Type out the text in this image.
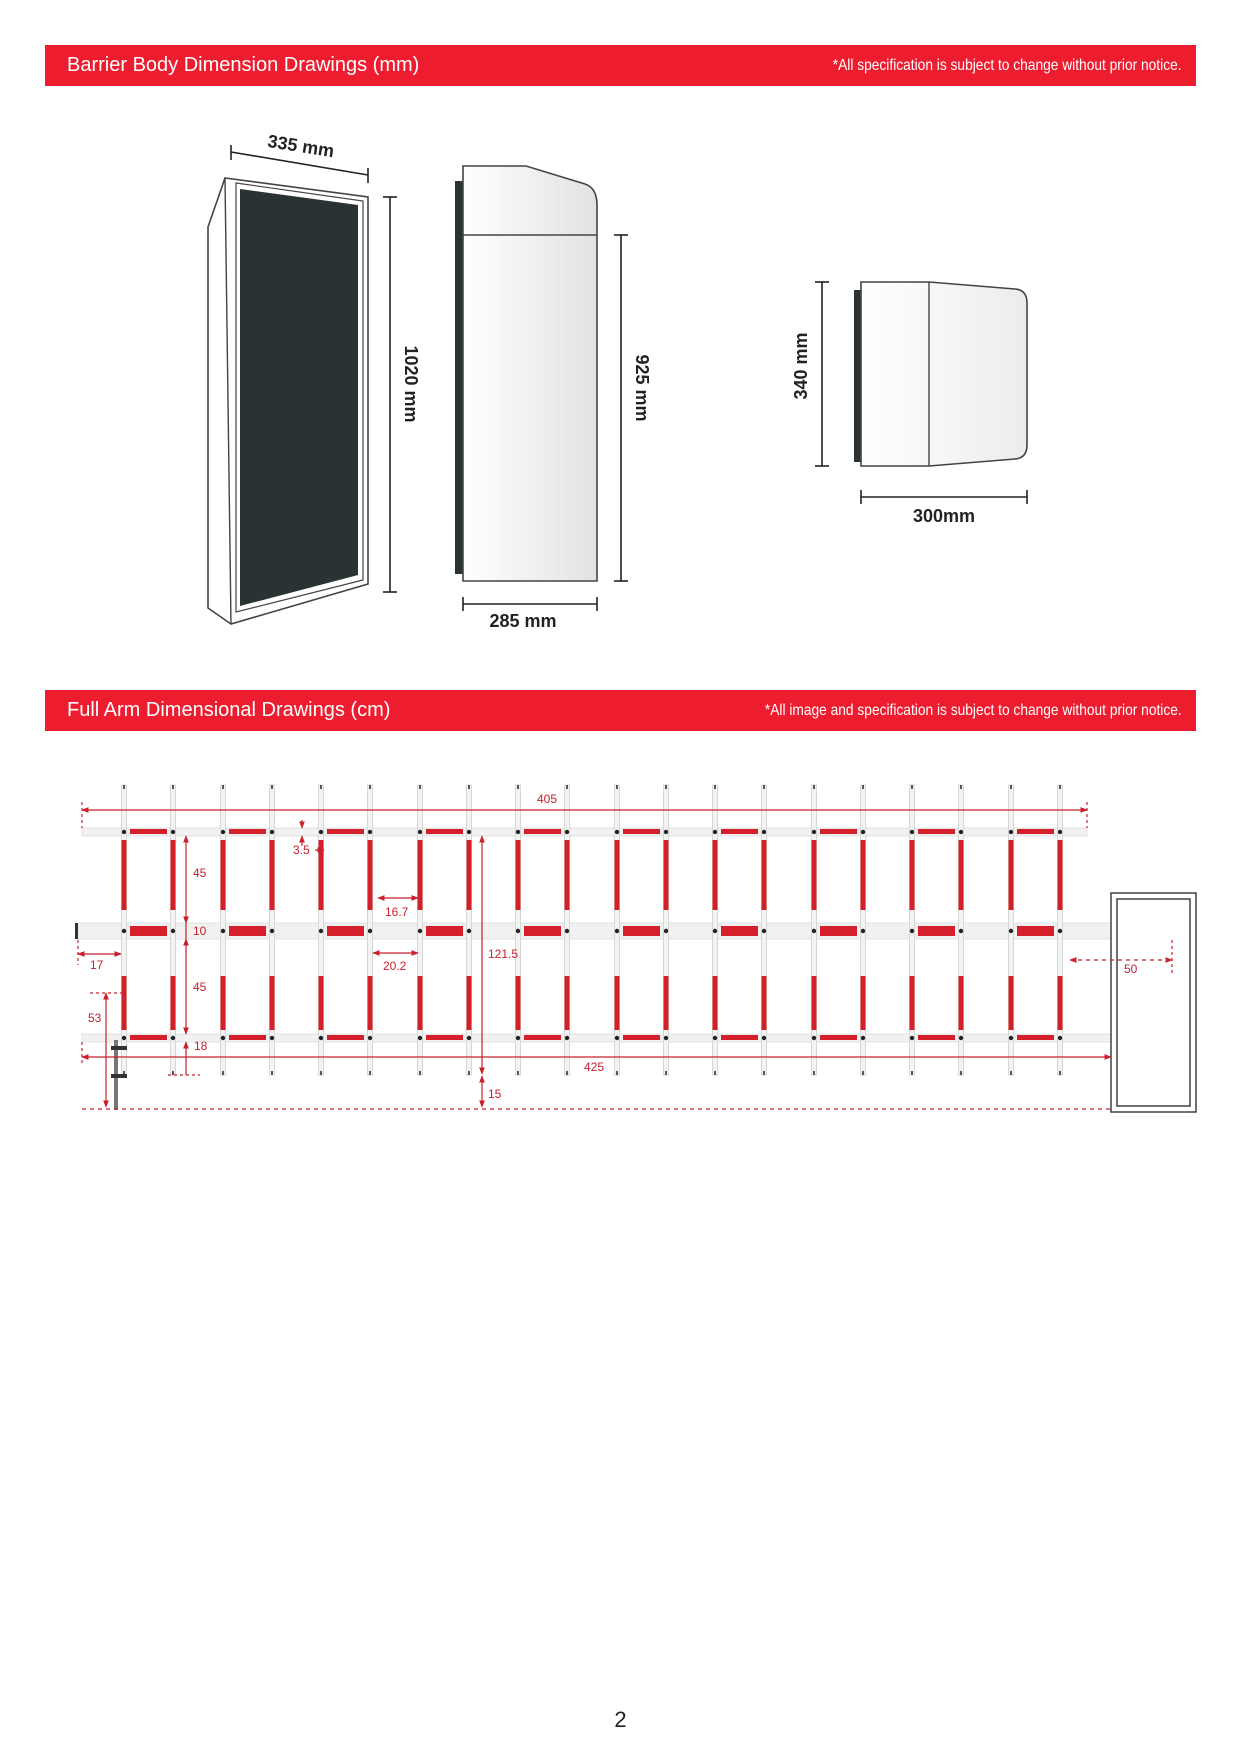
Barrier Body Dimension Drawings (mm)	*All specification is subject to change without prior notice.
335 mm
1020 mm	925 mm
285 mm
340 mm
300mm
Full Arm Dimensional Drawings (cm)	*All image and specification is subject to change without prior notice.
405
3.5
45
10
45
16.7
20.2
17
121.5
53
18
425
15
50
2
